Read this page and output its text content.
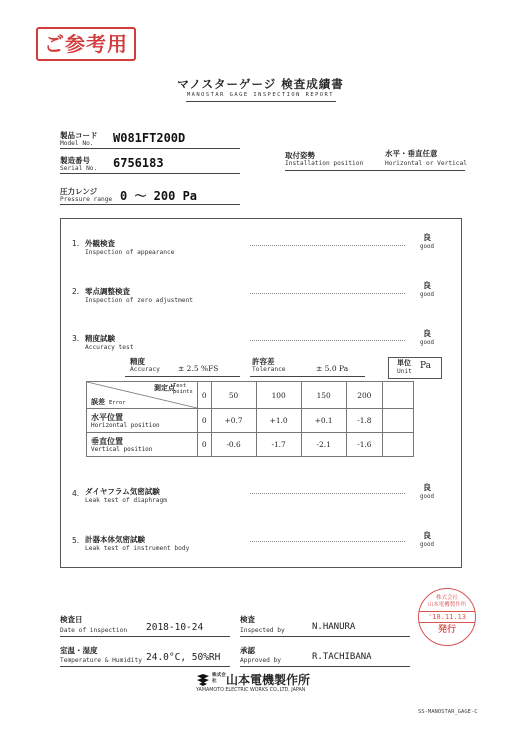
ご参考用
マノスターゲージ 検査成績書
MANOSTAR GAGE INSPECTION REPORT
製品コード
Model No. W081FT200D
製造番号
Serial No. 6756183
取付姿勢
Installation position
水平・垂直任意
Horizontal or Vertical
圧力レンジ
Pressure range 0 ～ 200 Pa
1. 外観検査
Inspection of appearance
良
good
2. 零点調整検査
Inspection of zero adjustment
良
good
3. 精度試験
Accuracy test
良
good
精度
Accuracy ± 2.5 %FS
許容差
Tolerance	± 5.0 Pa
単位
Unit
Pa
測定点
Test points
誤差 Error	0	50	100	150	200	

水平位置
Horizontal position	0	+0.7	+1.0	+0.1	-1.8	

垂直位置
Vertical position	0	-0.6	-1.7	-2.1	-1.6	
4. ダイヤフラム気密試験
Leak test of diaphragm
良
good
5. 計器本体気密試験
Leak test of instrument body
良
good
検査日
Date of inspection 2018-10-24
室温・湿度
Temperature & Humidity 24.0°C, 50%RH
検査
Inspected by	N.HANURA
承認
Approved by	R.TACHIBANA
株式会社
山本電機製作所
'18.11.13
発行
株式会社 山本電機製作所
YAMAMOTO ELECTRIC WORKS CO.,LTD. JAPAN
SS-MANOSTAR_GAGE-C
